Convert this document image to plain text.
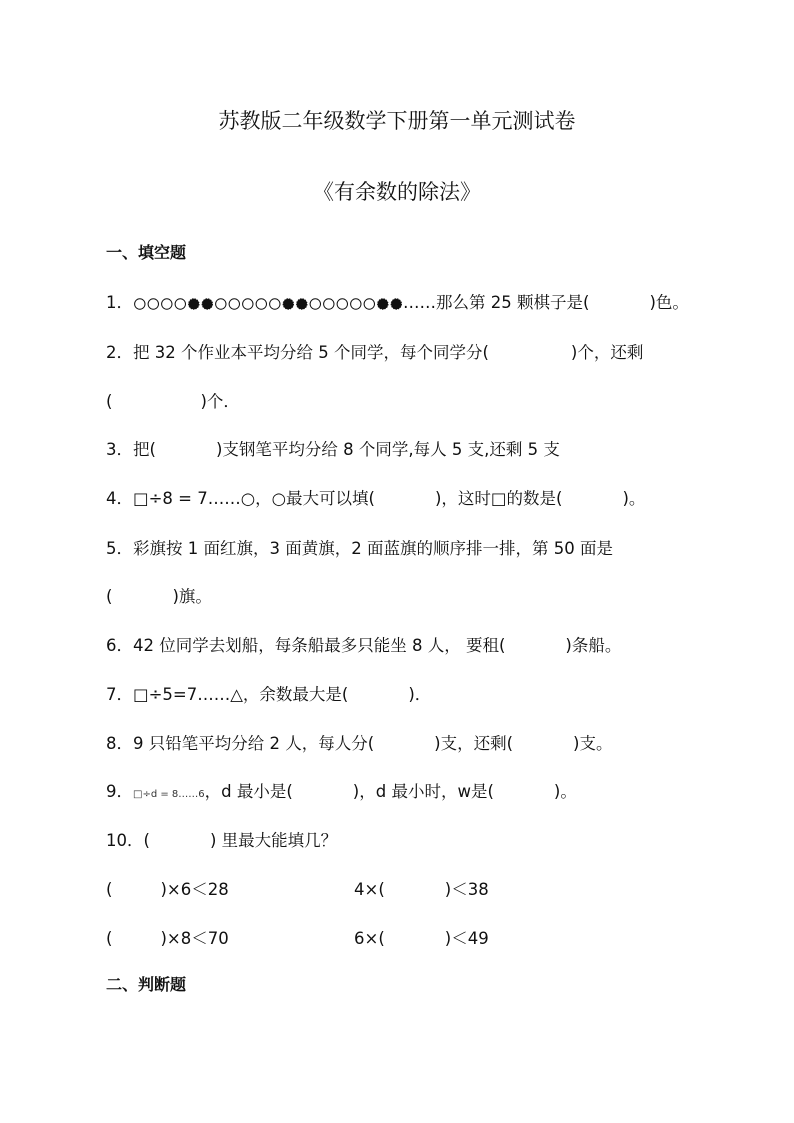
苏教版二年级数学下册第一单元测试卷
《有余数的除法》
一、填空题
1．	……那么第 25 颗棋子是(	)色。
2．把 32 个作业本平均分给 5 个同学，每个同学分(	)个，还剩
(	)个．
3．把(	)支钢笔平均分给 8 个同学,每人 5 支,还剩 5 支
4．□÷8 = 7……○，○最大可以填(	)，这时□的数是(	)。
5．彩旗按 1 面红旗，3 面黄旗，2 面蓝旗的顺序排一排，第 50 面是
(	)旗。
6．42 位同学去划船，每条船最多只能坐 8 人， 要租(	)条船。
7．□÷5=7……△，余数最大是(	)．
8．9 只铅笔平均分给 2 人，每人分(	)支，还剩(	)支。
9．□÷d = 8……6，d 最小是(	)，d 最小时，w是(	)。
10．(	) 里最大能填几？
(	)×6＜28	4×(	)＜38
(	)×8＜70	6×(	)＜49
二、判断题
